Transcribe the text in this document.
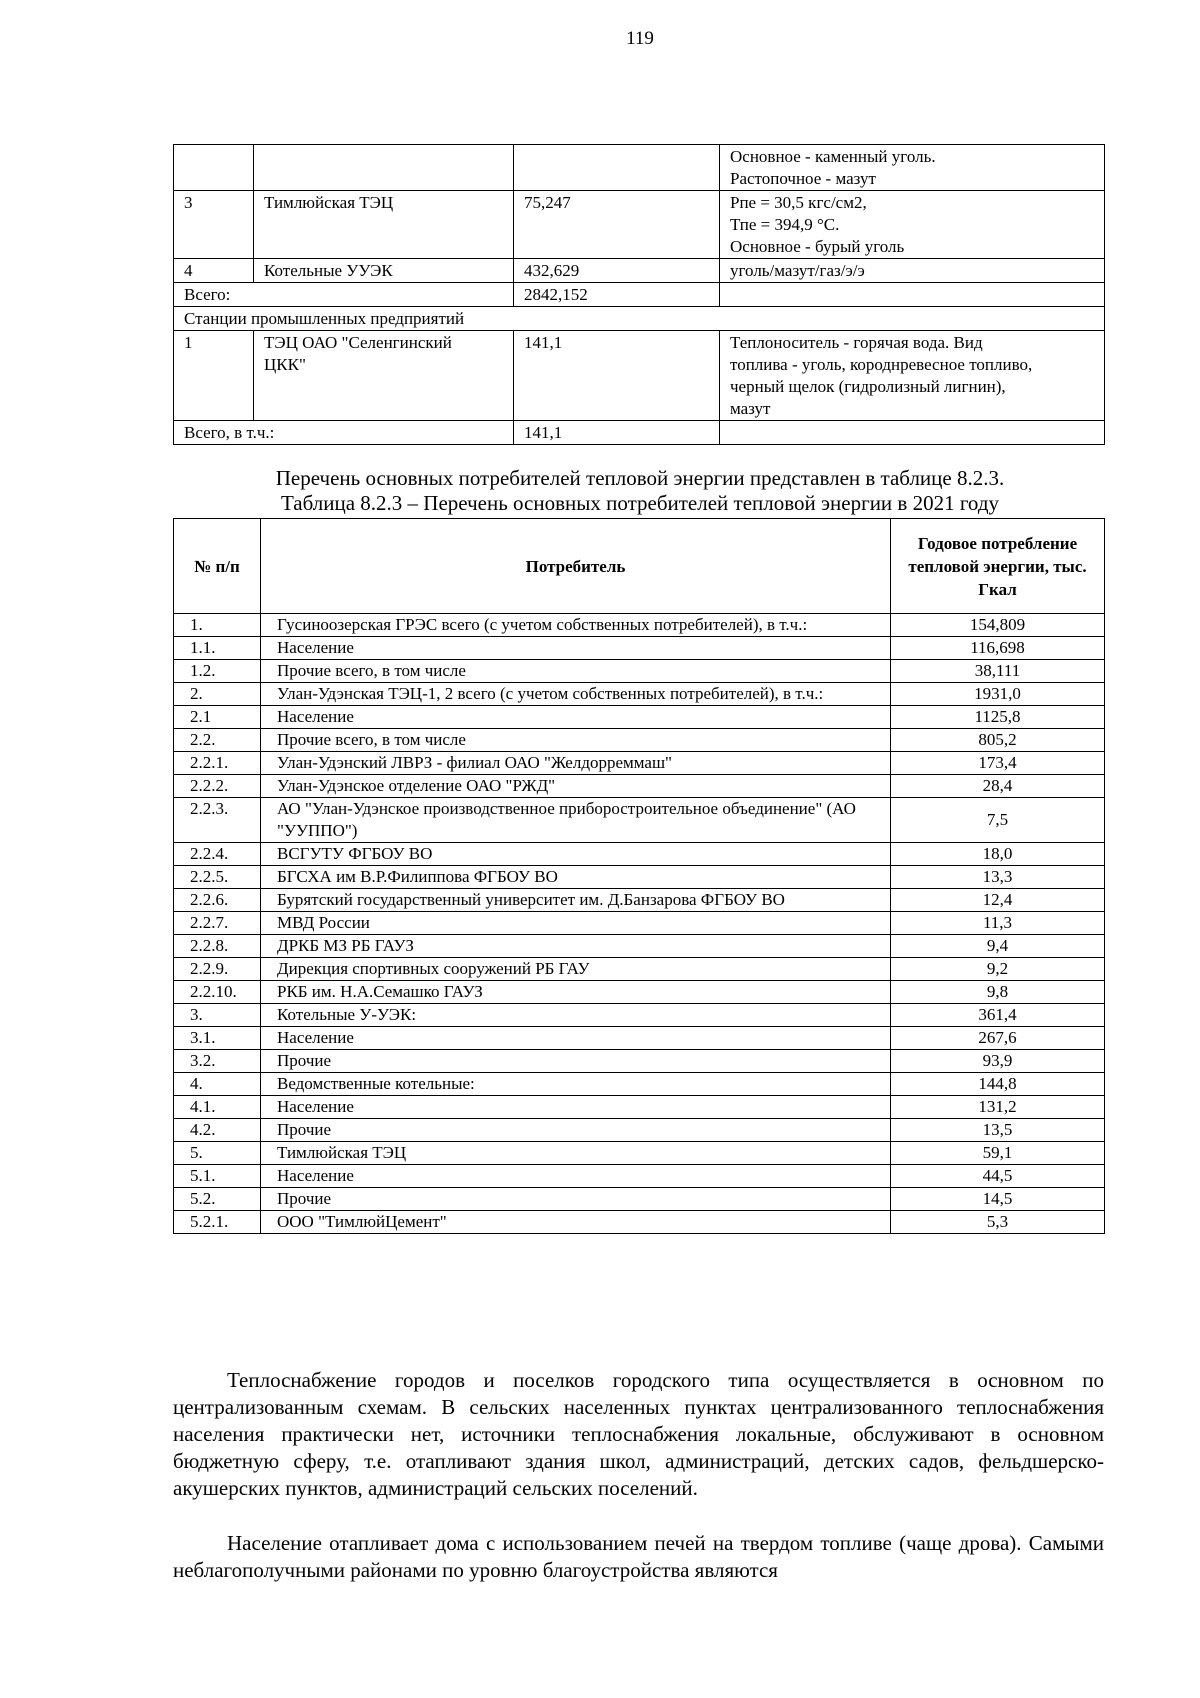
119

			Основное - каменный уголь.
Растопочное - мазут

3	Тимлюйская ТЭЦ	75,247	Рпе = 30,5 кгс/см2,
Тпе = 394,9 °С.
Основное - бурый уголь

4	Котельные УУЭК	432,629	уголь/мазут/газ/э/э

Всего:		2842,152	
Станции промышленных предприятий			
1	ТЭЦ ОАО "Селенгинский
ЦКК"	141,1	Теплоноситель - горячая вода. Вид
топлива - уголь, короднревесное топливо,
черный щелок (гидролизный лигнин),
мазут

Всего, в т.ч.:		141,1	
Перечень основных потребителей тепловой энергии представлен в таблице 8.2.3.
Таблица 8.2.3 – Перечень основных потребителей тепловой энергии в 2021 году
№ п/п	Потребитель	Годовое потребление тепловой энергии, тыс. Гкал
1.	Гусиноозерская ГРЭС всего (с учетом собственных потребителей), в т.ч.:	154,809
1.1.	Население	116,698
1.2.	Прочие всего, в том числе	38,111
2.	Улан-Удэнская ТЭЦ-1, 2 всего (с учетом собственных потребителей), в т.ч.:	1931,0
2.1	Население	1125,8
2.2.	Прочие всего, в том числе	805,2
2.2.1.	Улан-Удэнский ЛВРЗ - филиал ОАО "Желдорреммаш"	173,4
2.2.2.	Улан-Удэнское отделение ОАО "РЖД"	28,4
2.2.3.	АО "Улан-Удэнское производственное приборостроительное объединение" (АО "УУППО")	7,5
2.2.4.	ВСГУТУ ФГБОУ ВО	18,0
2.2.5.	БГСХА им В.Р.Филиппова ФГБОУ ВО	13,3
2.2.6.	Бурятский государственный университет им. Д.Банзарова ФГБОУ ВО	12,4
2.2.7.	МВД России	11,3
2.2.8.	ДРКБ МЗ РБ ГАУЗ	9,4
2.2.9.	Дирекция спортивных сооружений РБ ГАУ	9,2
2.2.10.	РКБ им. Н.А.Семашко ГАУЗ	9,8
3.	Котельные У-УЭК:	361,4
3.1.	Население	267,6
3.2.	Прочие	93,9
4.	Ведомственные котельные:	144,8
4.1.	Население	131,2
4.2.	Прочие	13,5
5.	Тимлюйская ТЭЦ	59,1
5.1.	Население	44,5
5.2.	Прочие	14,5
5.2.1.	ООО "ТимлюйЦемент"	5,3
Теплоснабжение городов и поселков городского типа осуществляется в основном по централизованным схемам. В сельских населенных пунктах централизованного теплоснабжения населения практически нет, источники теплоснабжения локальные, обслуживают в основном бюджетную сферу, т.е. отапливают здания школ, администраций, детских садов, фельдшерско-акушерских пунктов, администраций сельских поселений.
Население отапливает дома с использованием печей на твердом топливе (чаще дрова). Самыми неблагополучными районами по уровню благоустройства являются
